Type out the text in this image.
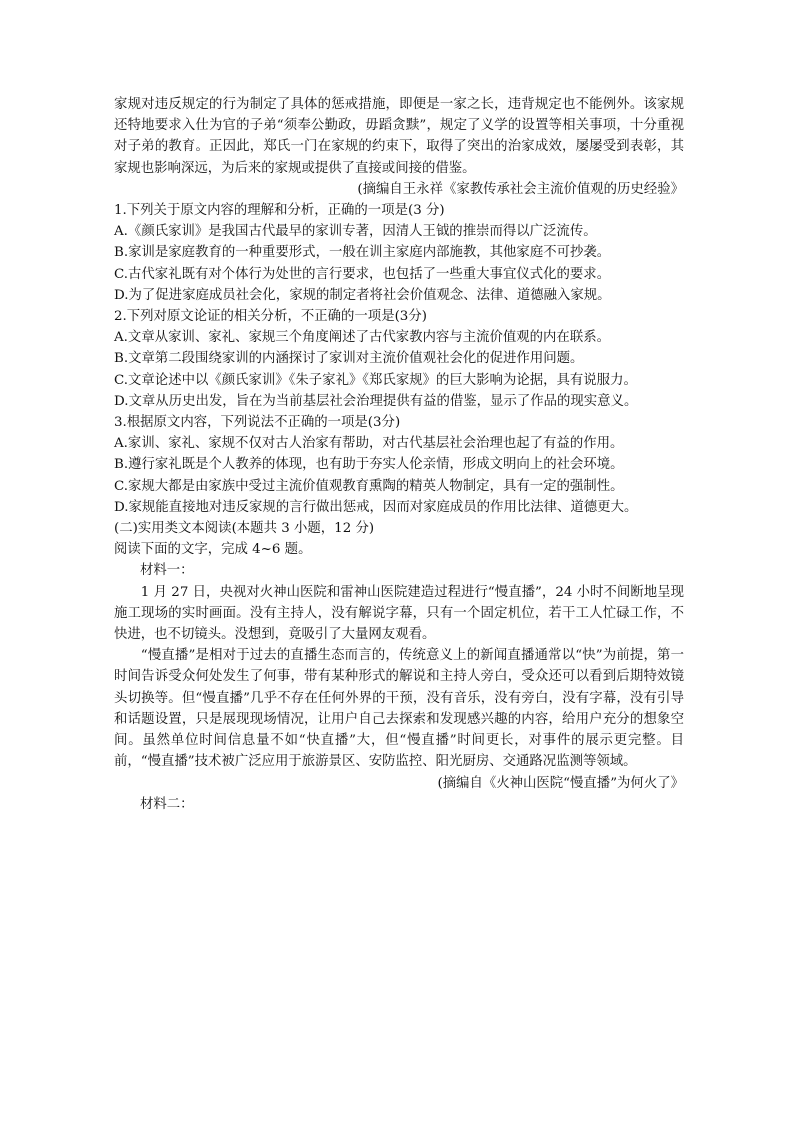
家规对违反规定的行为制定了具体的惩戒措施，即便是一家之长，违背规定也不能例外。该家规还特地要求入仕为官的子弟“须奉公勤政，毋蹈贪黩”，规定了义学的设置等相关事项，十分重视对子弟的教育。正因此，郑氏一门在家规的约束下，取得了突出的治家成效，屡屡受到表彰，其家规也影响深远，为后来的家规或提供了直接或间接的借鉴。

(摘编自王永祥《家教传承社会主流价值观的历史经验》

1.下列关于原文内容的理解和分析，正确的一项是(3 分)

A.《颜氏家训》是我国古代最早的家训专著，因清人王钺的推崇而得以广泛流传。

B.家训是家庭教育的一种重要形式，一般在训主家庭内部施教，其他家庭不可抄袭。

C.古代家礼既有对个体行为处世的言行要求，也包括了一些重大事宜仪式化的要求。

D.为了促进家庭成员社会化，家规的制定者将社会价值观念、法律、道德融入家规。

2.下列对原文论证的相关分析，不正确的一项是(3分)

A.文章从家训、家礼、家规三个角度阐述了古代家教内容与主流价值观的内在联系。

B.文章第二段围绕家训的内涵探讨了家训对主流价值观社会化的促进作用问题。

C.文章论述中以《颜氏家训》《朱子家礼》《郑氏家规》的巨大影响为论据，具有说服力。

D.文章从历史出发，旨在为当前基层社会治理提供有益的借鉴，显示了作品的现实意义。

3.根据原文内容，下列说法不正确的一项是(3分)

A.家训、家礼、家规不仅对古人治家有帮助，对古代基层社会治理也起了有益的作用。

B.遵行家礼既是个人教养的体现，也有助于夯实人伦亲情，形成文明向上的社会环境。

C.家规大都是由家族中受过主流价值观教育熏陶的精英人物制定，具有一定的强制性。

D.家规能直接地对违反家规的言行做出惩戒，因而对家庭成员的作用比法律、道德更大。

(二)实用类文本阅读(本题共 3 小题，12 分)

阅读下面的文字，完成 4~6 题。

材料一：

1 月 27 日，央视对火神山医院和雷神山医院建造过程进行“慢直播”，24 小时不间断地呈现施工现场的实时画面。没有主持人，没有解说字幕，只有一个固定机位，若干工人忙碌工作，不快进，也不切镜头。没想到，竟吸引了大量网友观看。

“慢直播”是相对于过去的直播生态而言的，传统意义上的新闻直播通常以“快”为前提，第一时间告诉受众何处发生了何事，带有某种形式的解说和主持人旁白，受众还可以看到后期特效镜头切换等。但“慢直播”几乎不存在任何外界的干预，没有音乐，没有旁白，没有字幕，没有引导和话题设置，只是展现现场情况，让用户自己去探索和发现感兴趣的内容，给用户充分的想象空间。虽然单位时间信息量不如“快直播”大，但“慢直播”时间更长，对事件的展示更完整。目前，“慢直播”技术被广泛应用于旅游景区、安防监控、阳光厨房、交通路况监测等领域。

(摘编自《火神山医院“慢直播”为何火了》

材料二：
